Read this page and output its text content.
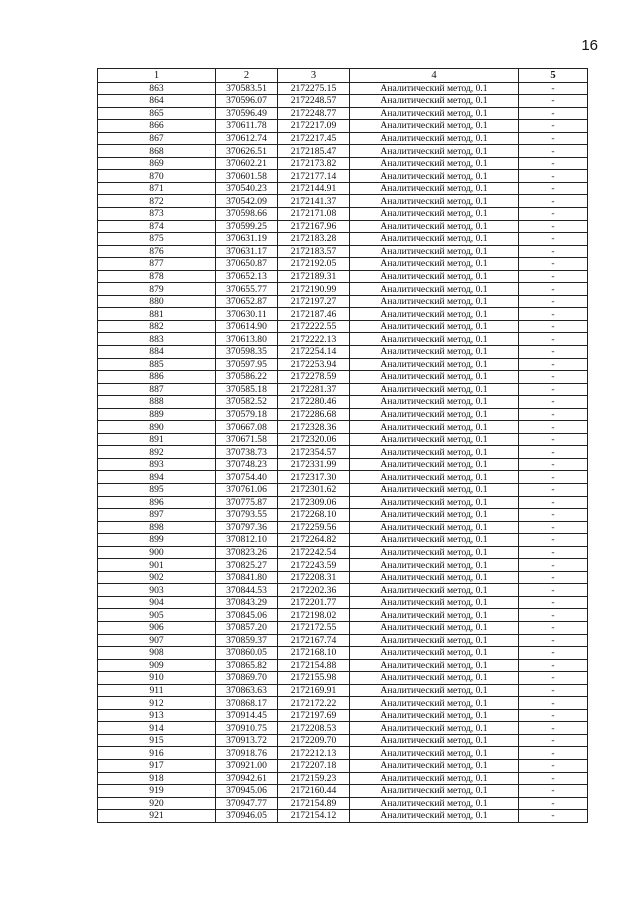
16
1	2	3	4	5
863	370583.51	2172275.15	Аналитический метод, 0.1	-
864	370596.07	2172248.57	Аналитический метод, 0.1	-
865	370596.49	2172248.77	Аналитический метод, 0.1	-
866	370611.78	2172217.09	Аналитический метод, 0.1	-
867	370612.74	2172217.45	Аналитический метод, 0.1	-
868	370626.51	2172185.47	Аналитический метод, 0.1	-
869	370602.21	2172173.82	Аналитический метод, 0.1	-
870	370601.58	2172177.14	Аналитический метод, 0.1	-
871	370540.23	2172144.91	Аналитический метод, 0.1	-
872	370542.09	2172141.37	Аналитический метод, 0.1	-
873	370598.66	2172171.08	Аналитический метод, 0.1	-
874	370599.25	2172167.96	Аналитический метод, 0.1	-
875	370631.19	2172183.28	Аналитический метод, 0.1	-
876	370631.17	2172183.57	Аналитический метод, 0.1	-
877	370650.87	2172192.05	Аналитический метод, 0.1	-
878	370652.13	2172189.31	Аналитический метод, 0.1	-
879	370655.77	2172190.99	Аналитический метод, 0.1	-
880	370652.87	2172197.27	Аналитический метод, 0.1	-
881	370630.11	2172187.46	Аналитический метод, 0.1	-
882	370614.90	2172222.55	Аналитический метод, 0.1	-
883	370613.80	2172222.13	Аналитический метод, 0.1	-
884	370598.35	2172254.14	Аналитический метод, 0.1	-
885	370597.95	2172253.94	Аналитический метод, 0.1	-
886	370586.22	2172278.59	Аналитический метод, 0.1	-
887	370585.18	2172281.37	Аналитический метод, 0.1	-
888	370582.52	2172280.46	Аналитический метод, 0.1	-
889	370579.18	2172286.68	Аналитический метод, 0.1	-
890	370667.08	2172328.36	Аналитический метод, 0.1	-
891	370671.58	2172320.06	Аналитический метод, 0.1	-
892	370738.73	2172354.57	Аналитический метод, 0.1	-
893	370748.23	2172331.99	Аналитический метод, 0.1	-
894	370754.40	2172317.30	Аналитический метод, 0.1	-
895	370761.06	2172301.62	Аналитический метод, 0.1	-
896	370775.87	2172309.06	Аналитический метод, 0.1	-
897	370793.55	2172268.10	Аналитический метод, 0.1	-
898	370797.36	2172259.56	Аналитический метод, 0.1	-
899	370812.10	2172264.82	Аналитический метод, 0.1	-
900	370823.26	2172242.54	Аналитический метод, 0.1	-
901	370825.27	2172243.59	Аналитический метод, 0.1	-
902	370841.80	2172208.31	Аналитический метод, 0.1	-
903	370844.53	2172202.36	Аналитический метод, 0.1	-
904	370843.29	2172201.77	Аналитический метод, 0.1	-
905	370845.06	2172198.02	Аналитический метод, 0.1	-
906	370857.20	2172172.55	Аналитический метод, 0.1	-
907	370859.37	2172167.74	Аналитический метод, 0.1	-
908	370860.05	2172168.10	Аналитический метод, 0.1	-
909	370865.82	2172154.88	Аналитический метод, 0.1	-
910	370869.70	2172155.98	Аналитический метод, 0.1	-
911	370863.63	2172169.91	Аналитический метод, 0.1	-
912	370868.17	2172172.22	Аналитический метод, 0.1	-
913	370914.45	2172197.69	Аналитический метод, 0.1	-
914	370910.75	2172208.53	Аналитический метод, 0.1	-
915	370913.72	2172209.70	Аналитический метод, 0.1	-
916	370918.76	2172212.13	Аналитический метод, 0.1	-
917	370921.00	2172207.18	Аналитический метод, 0.1	-
918	370942.61	2172159.23	Аналитический метод, 0.1	-
919	370945.06	2172160.44	Аналитический метод, 0.1	-
920	370947.77	2172154.89	Аналитический метод, 0.1	-
921	370946.05	2172154.12	Аналитический метод, 0.1	-
